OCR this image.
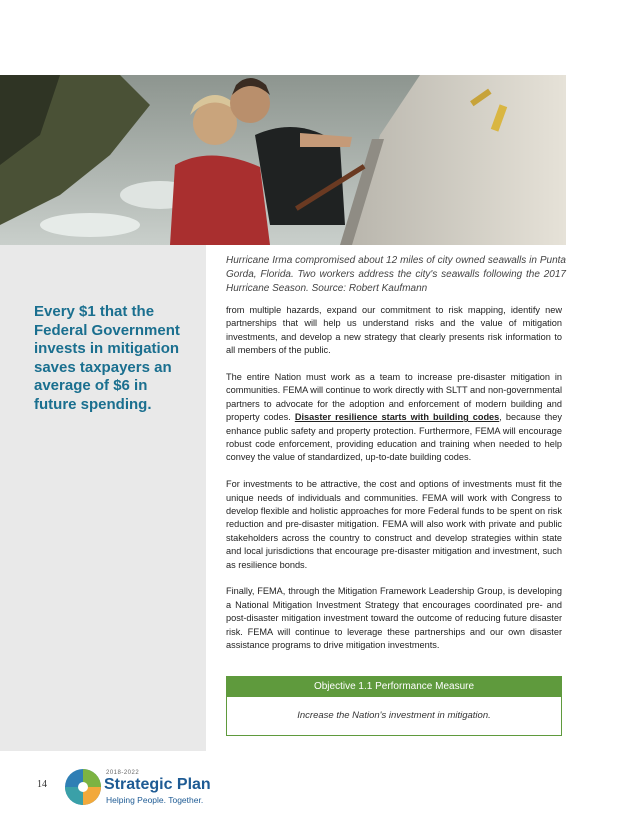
Every $1 that the Federal Government invests in mitigation saves taxpayers an average of $6 in future spending.
Hurricane Irma compromised about 12 miles of city owned seawalls in Punta Gorda, Florida. Two workers address the city's seawalls following the 2017 Hurricane Season. Source: Robert Kaufmann

from multiple hazards, expand our commitment to risk mapping, identify new partnerships that will help us understand risks and the value of mitigation investments, and develop a new strategy that clearly presents risk information to all members of the public.

The entire Nation must work as a team to increase pre-disaster mitigation in communities. FEMA will continue to work directly with SLTT and non-governmental partners to advocate for the adoption and enforcement of modern building and property codes. Disaster resilience starts with building codes, because they enhance public safety and property protection. Furthermore, FEMA will encourage robust code enforcement, providing education and training when needed to help convey the value of standardized, up-to-date building codes.

For investments to be attractive, the cost and options of investments must fit the unique needs of individuals and communities. FEMA will work with Congress to develop flexible and holistic approaches for more Federal funds to be spent on risk reduction and pre-disaster mitigation. FEMA will also work with private and public stakeholders across the country to construct and develop strategies within state and local jurisdictions that encourage pre-disaster mitigation and investment, such as resilience bonds.

Finally, FEMA, through the Mitigation Framework Leadership Group, is developing a National Mitigation Investment Strategy that encourages coordinated pre- and post-disaster mitigation investment toward the outcome of reducing future disaster risk. FEMA will continue to leverage these partnerships and our own disaster assistance programs to drive mitigation investments.

Objective 1.1 Performance Measure
Increase the Nation's investment in mitigation.
14
2018-2022
Strategic Plan
Helping People. Together.
